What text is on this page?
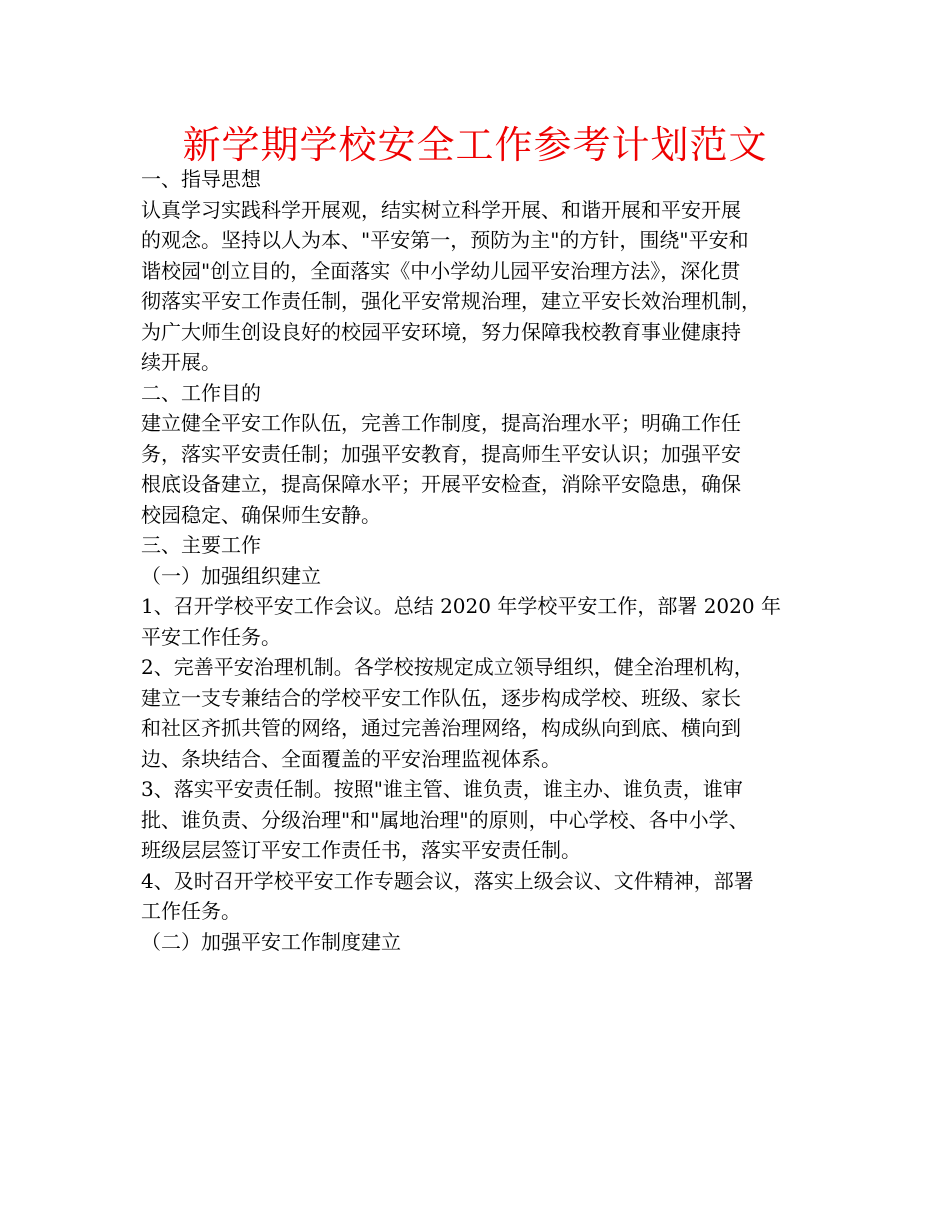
新学期学校安全工作参考计划范文
一、指导思想
认真学习实践科学开展观，结实树立科学开展、和谐开展和平安开展
的观念。坚持以人为本、"平安第一，预防为主"的方针，围绕"平安和
谐校园"创立目的，全面落实《中小学幼儿园平安治理方法》，深化贯
彻落实平安工作责任制，强化平安常规治理，建立平安长效治理机制，
为广大师生创设良好的校园平安环境，努力保障我校教育事业健康持
续开展。
二、工作目的
建立健全平安工作队伍，完善工作制度，提高治理水平；明确工作任
务，落实平安责任制；加强平安教育，提高师生平安认识；加强平安
根底设备建立，提高保障水平；开展平安检查，消除平安隐患，确保
校园稳定、确保师生安静。
三、主要工作
（一）加强组织建立
1、召开学校平安工作会议。总结 2020 年学校平安工作，部署 2020 年
平安工作任务。
2、完善平安治理机制。各学校按规定成立领导组织，健全治理机构，
建立一支专兼结合的学校平安工作队伍，逐步构成学校、班级、家长
和社区齐抓共管的网络，通过完善治理网络，构成纵向到底、横向到
边、条块结合、全面覆盖的平安治理监视体系。
3、落实平安责任制。按照"谁主管、谁负责，谁主办、谁负责，谁审
批、谁负责、分级治理"和"属地治理"的原则，中心学校、各中小学、
班级层层签订平安工作责任书，落实平安责任制。
4、及时召开学校平安工作专题会议，落实上级会议、文件精神，部署
工作任务。
（二）加强平安工作制度建立
